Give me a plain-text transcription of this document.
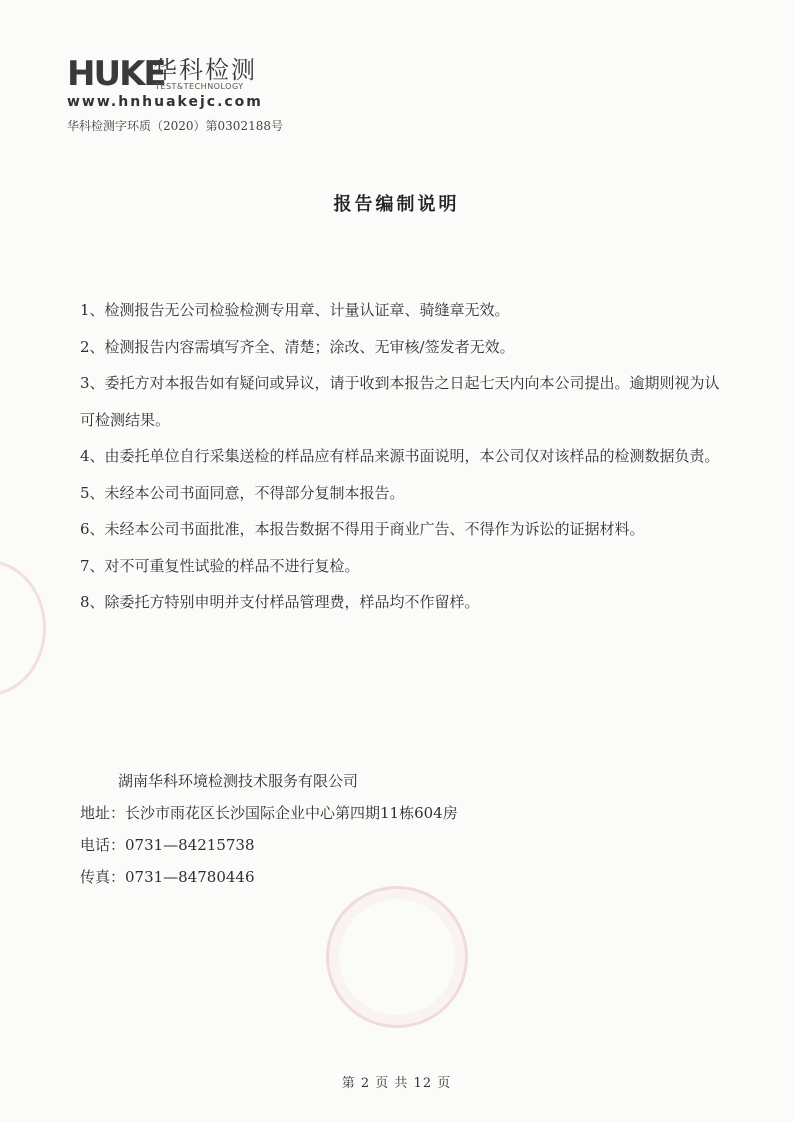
HUKE
华科检测
TEST&TECHNOLOGY
www.hnhuakejc.com
华科检测字环质（2020）第0302188号
报告编制说明

1、检测报告无公司检验检测专用章、计量认证章、骑缝章无效。

2、检测报告内容需填写齐全、清楚；涂改、无审核/签发者无效。

3、委托方对本报告如有疑问或异议，请于收到本报告之日起七天内向本公司提出。逾期则视为认可检测结果。

4、由委托单位自行采集送检的样品应有样品来源书面说明，本公司仅对该样品的检测数据负责。

5、未经本公司书面同意，不得部分复制本报告。

6、未经本公司书面批准，本报告数据不得用于商业广告、不得作为诉讼的证据材料。

7、对不可重复性试验的样品不进行复检。

8、除委托方特别申明并支付样品管理费，样品均不作留样。

湖南华科环境检测技术服务有限公司
地址：长沙市雨花区长沙国际企业中心第四期11栋604房
电话：0731—84215738
传真：0731—84780446
第 2 页 共 12 页
